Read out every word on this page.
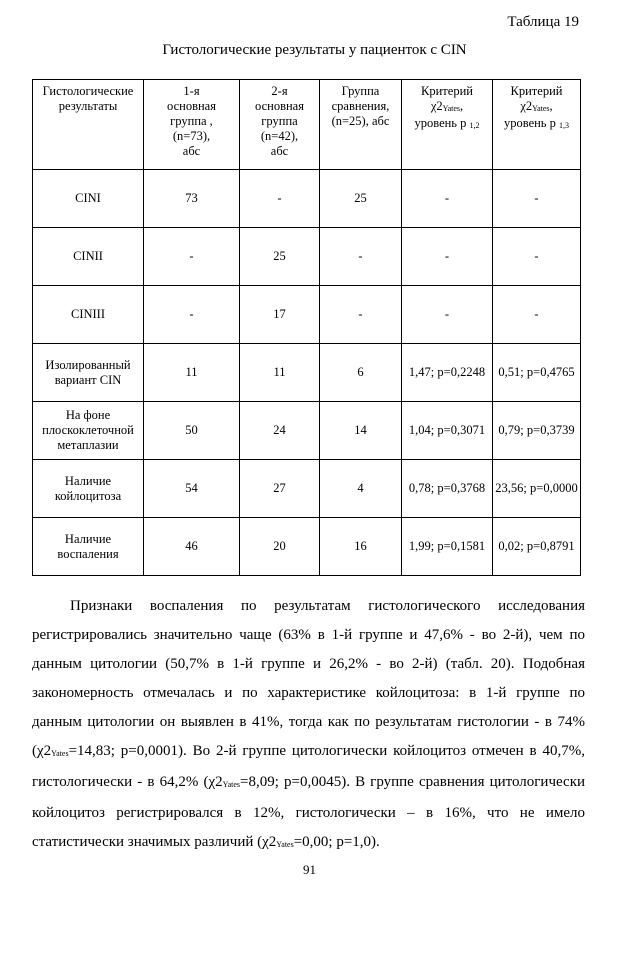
Таблица 19
Гистологические результаты у пациенток с CIN
Гистологические
результаты	1-я
основная
группа ,
(n=73),
абс	2-я
основная
группа
(n=42),
абс	Группа
сравнения,
(n=25), абс	Критерий
χ2Yates,
уровень р 1,2	Критерий
χ2Yates,
уровень р 1,3
CINI	73	-	25	-	-
CINII	-	25	-	-	-
CINIII	-	17	-	-	-
Изолированный
вариант CIN	11	11	6	1,47; p=0,2248	0,51; p=0,4765
На фоне
плоскоклеточной
метаплазии	50	24	14	1,04; p=0,3071	0,79; p=0,3739
Наличие
койлоцитоза	54	27	4	0,78; p=0,3768	23,56; p=0,0000
Наличие
воспаления	46	20	16	1,99; p=0,1581	0,02; p=0,8791

Признаки воспаления по результатам гистологического исследования регистрировались значительно чаще (63% в 1-й группе и 47,6% - во 2-й), чем по данным цитологии (50,7% в 1-й группе и 26,2% - во 2-й) (табл. 20). Подобная закономерность отмечалась и по характеристике койлоцитоза: в 1-й группе по данным цитологии он выявлен в 41%, тогда как по результатам гистологии - в 74% (χ2Yates=14,83; p=0,0001). Во 2-й группе цитологически койлоцитоз отмечен в 40,7%, гистологически - в 64,2% (χ2Yates=8,09; p=0,0045). В группе сравнения цитологически койлоцитоз регистрировался в 12%, гистологически – в 16%, что не имело статистически значимых различий (χ2Yates=0,00; p=1,0).

91
